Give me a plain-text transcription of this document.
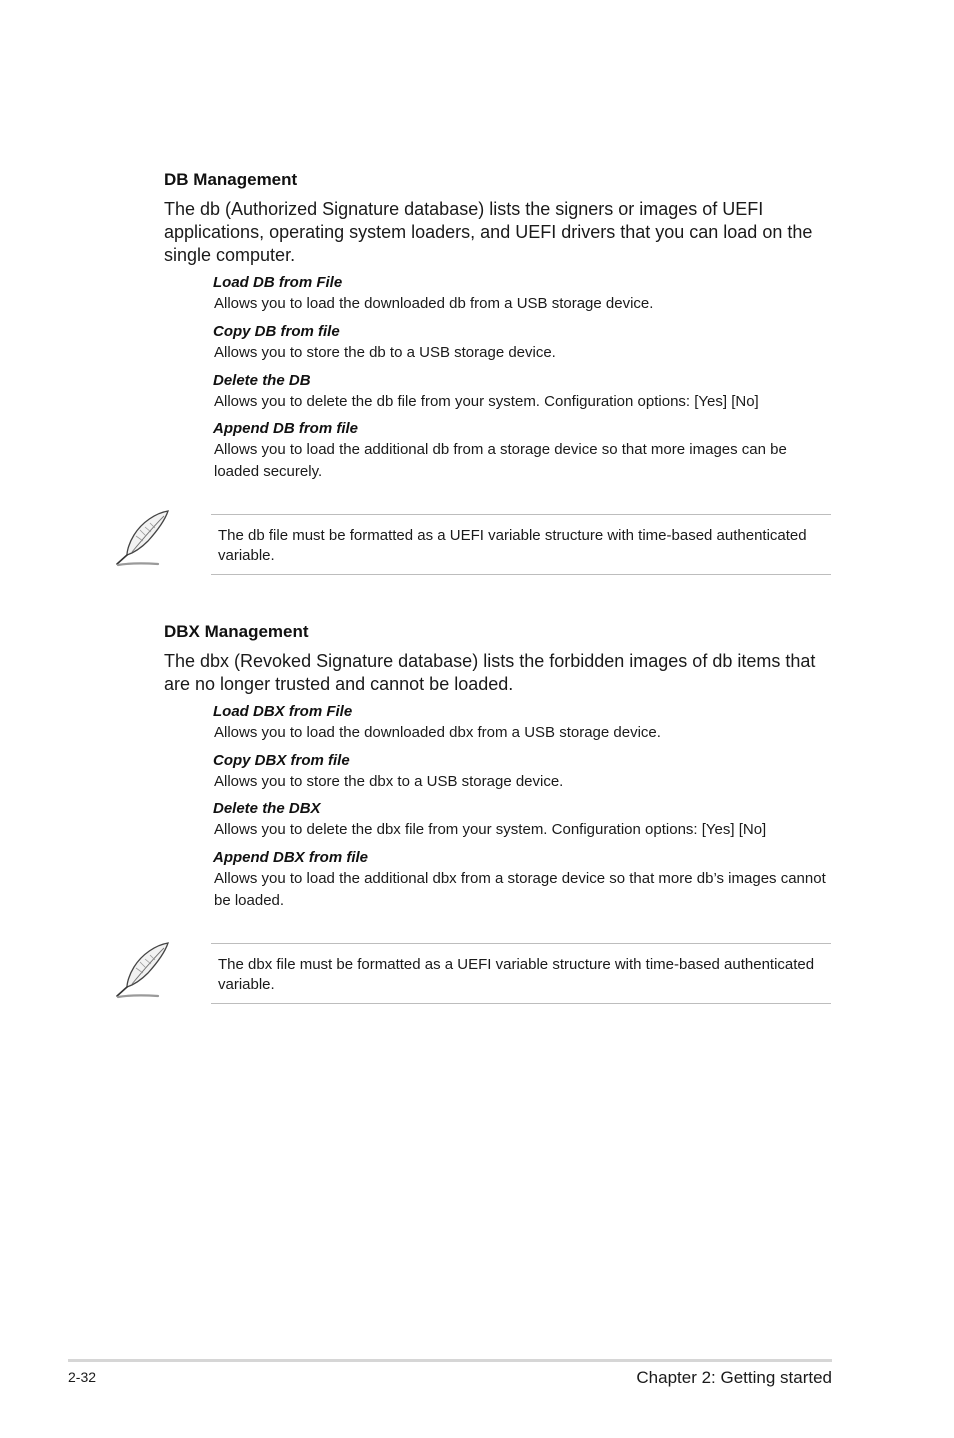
DB Management
The db (Authorized Signature database) lists the signers or images of UEFI applications, operating system loaders, and UEFI drivers that you can load on the single computer.
Load DB from File
Allows you to load the downloaded db from a USB storage device.
Copy DB from file
Allows you to store the db to a USB storage device.
Delete the DB
Allows you to delete the db file from your system. Configuration options: [Yes] [No]
Append DB from file
Allows you to load the additional db from a storage device so that more images can be loaded securely.
The db file must be formatted as a UEFI variable structure with time-based authenticated variable.
DBX Management
The dbx (Revoked Signature database) lists the forbidden images of db items that are no longer trusted and cannot be loaded.
Load DBX from File
Allows you to load the downloaded dbx from a USB storage device.
Copy DBX from file
Allows you to store the dbx to a USB storage device.
Delete the DBX
Allows you to delete the dbx file from your system. Configuration options: [Yes] [No]
Append DBX from file
Allows you to load the additional dbx from a storage device so that more db’s images cannot be loaded.
The dbx file must be formatted as a UEFI variable structure with time-based authenticated variable.
2-32	Chapter 2: Getting started
